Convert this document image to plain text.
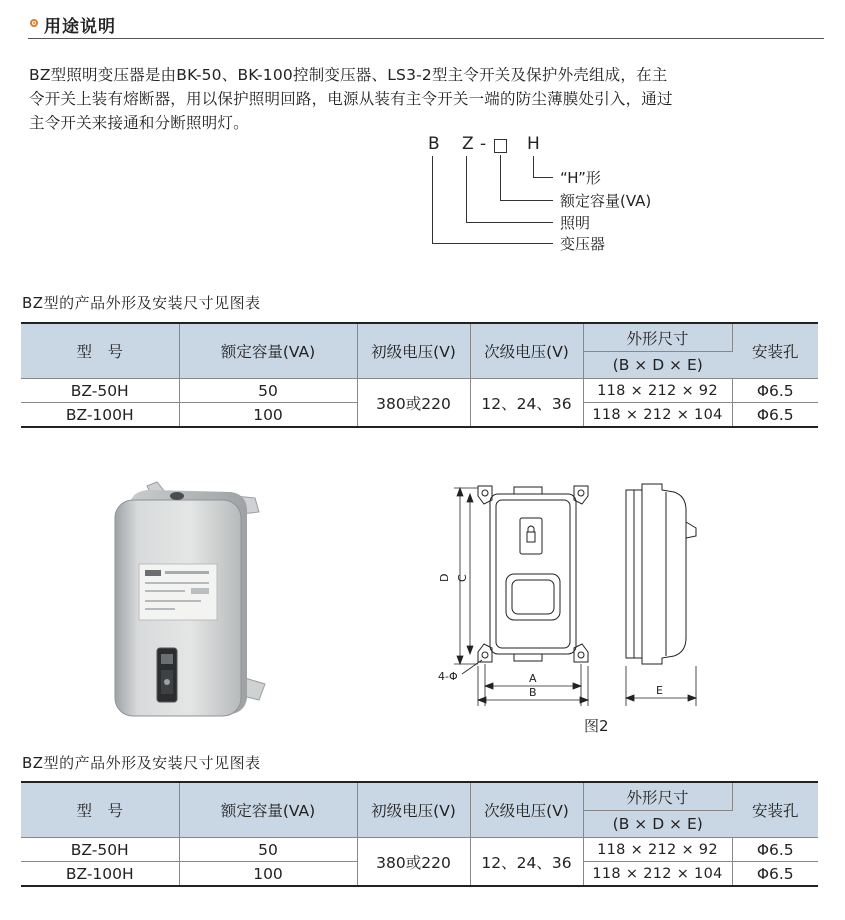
用途说明

BZ型照明变压器是由BK-50、BK-100控制变压器、LS3-2型主令开关及保护外壳组成，在主

令开关上装有熔断器，用以保护照明回路，电源从装有主令开关一端的防尘薄膜处引入，通过

主令开关来接通和分断照明灯。

B Z - H
“H”形
额定容量(VA)
照明
变压器
BZ型的产品外形及安装尺寸见图表
型　号	额定容量(VA)	初级电压(V)	次级电压(V)	外形尺寸	安装孔
				(B × D × E)	
BZ-50H	50	380或220	12、24、36	118 × 212 × 92	Φ6.5
BZ-100H	100			118 × 212 × 104	Φ6.5
D C
A
B	E
4-Φ
图2
BZ型的产品外形及安装尺寸见图表
型　号	额定容量(VA)	初级电压(V)	次级电压(V)	外形尺寸	安装孔
				(B × D × E)	
BZ-50H	50	380或220	12、24、36	118 × 212 × 92	Φ6.5
BZ-100H	100			118 × 212 × 104	Φ6.5
